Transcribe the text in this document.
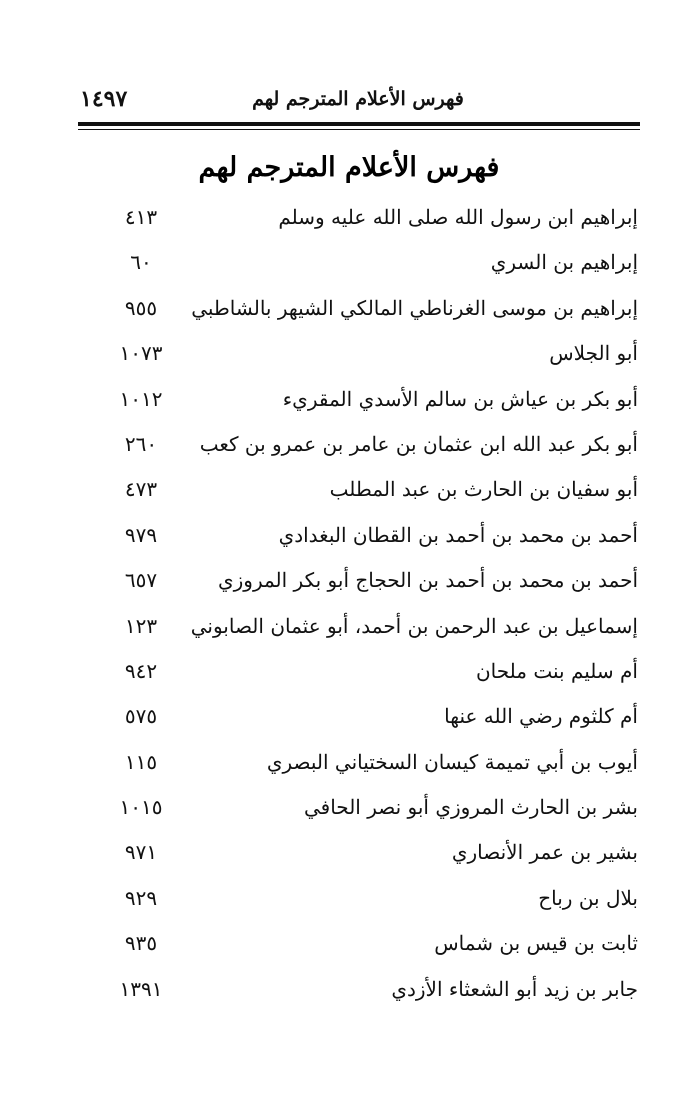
فهرس الأعلام المترجم لهم
١٤٩٧
فهرس الأعلام المترجم لهم
إبراهيم ابن رسول الله صلى الله عليه وسلم
٤١٣
إبراهيم بن السري
٦٠
إبراهيم بن موسى الغرناطي المالكي الشيهر بالشاطبي
٩٥٥
أبو الجلاس
١٠٧٣
أبو بكر بن عياش بن سالم الأسدي المقريء
١٠١٢
أبو بكر عبد الله ابن عثمان بن عامر بن عمرو بن كعب
٢٦٠
أبو سفيان بن الحارث بن عبد المطلب
٤٧٣
أحمد بن محمد بن أحمد بن القطان البغدادي
٩٧٩
أحمد بن محمد بن أحمد بن الحجاج أبو بكر المروزي
٦٥٧
إسماعيل بن عبد الرحمن بن أحمد، أبو عثمان الصابوني
١٢٣
أم سليم بنت ملحان
٩٤٢
أم كلثوم رضي الله عنها
٥٧٥
أيوب بن أبي تميمة كيسان السختياني البصري
١١٥
بشر بن الحارث المروزي أبو نصر الحافي
١٠١٥
بشير بن عمر الأنصاري
٩٧١
بلال بن رباح
٩٢٩
ثابت بن قيس بن شماس
٩٣٥
جابر بن زيد أبو الشعثاء الأزدي
١٣٩١
